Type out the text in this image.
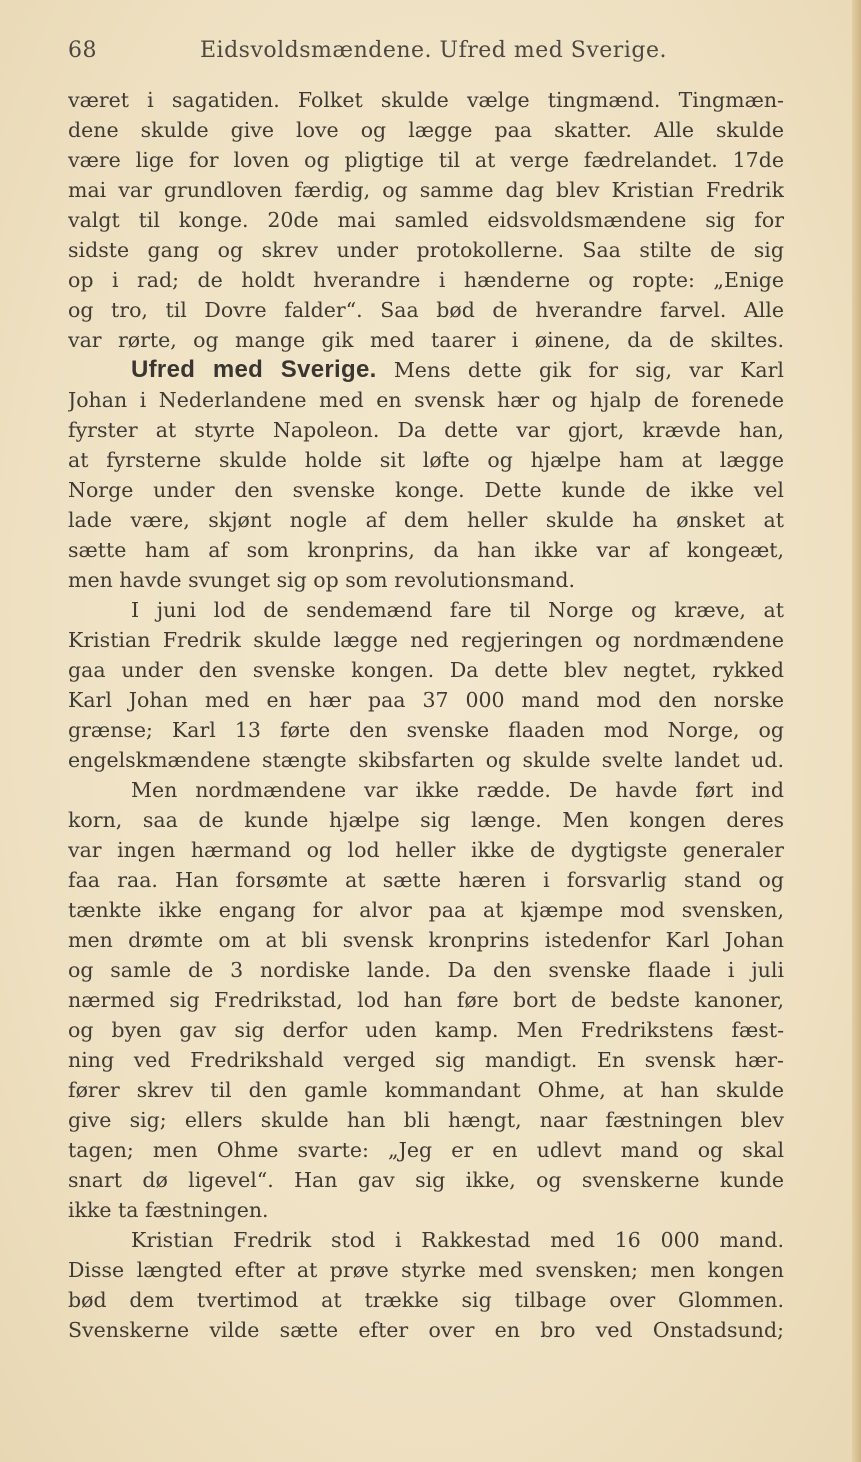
68	Eidsvoldsmændene. Ufred med Sverige.
været i sagatiden. Folket skulde vælge tingmænd. Tingmæn-
dene skulde give love og lægge paa skatter. Alle skulde
være lige for loven og pligtige til at verge fædrelandet. 17de
mai var grundloven færdig, og samme dag blev Kristian Fredrik
valgt til konge. 20de mai samled eidsvoldsmændene sig for
sidste gang og skrev under protokollerne. Saa stilte de sig
op i rad; de holdt hverandre i hænderne og ropte: „Enige
og tro, til Dovre falder“. Saa bød de hverandre farvel. Alle
var rørte, og mange gik med taarer i øinene, da de skiltes.
Ufred med Sverige. Mens dette gik for sig, var Karl
Johan i Nederlandene med en svensk hær og hjalp de forenede
fyrster at styrte Napoleon. Da dette var gjort, krævde han,
at fyrsterne skulde holde sit løfte og hjælpe ham at lægge
Norge under den svenske konge. Dette kunde de ikke vel
lade være, skjønt nogle af dem heller skulde ha ønsket at
sætte ham af som kronprins, da han ikke var af kongeæt,
men havde svunget sig op som revolutionsmand.
I juni lod de sendemænd fare til Norge og kræve, at
Kristian Fredrik skulde lægge ned regjeringen og nordmændene
gaa under den svenske kongen. Da dette blev negtet, rykked
Karl Johan med en hær paa 37 000 mand mod den norske
grænse; Karl 13 førte den svenske flaaden mod Norge, og
engelskmændene stængte skibsfarten og skulde svelte landet ud.
Men nordmændene var ikke rædde. De havde ført ind
korn, saa de kunde hjælpe sig længe. Men kongen deres
var ingen hærmand og lod heller ikke de dygtigste generaler
faa raa. Han forsømte at sætte hæren i forsvarlig stand og
tænkte ikke engang for alvor paa at kjæmpe mod svensken,
men drømte om at bli svensk kronprins istedenfor Karl Johan
og samle de 3 nordiske lande. Da den svenske flaade i juli
nærmed sig Fredrikstad, lod han føre bort de bedste kanoner,
og byen gav sig derfor uden kamp. Men Fredrikstens fæst-
ning ved Fredrikshald verged sig mandigt. En svensk hær-
fører skrev til den gamle kommandant Ohme, at han skulde
give sig; ellers skulde han bli hængt, naar fæstningen blev
tagen; men Ohme svarte: „Jeg er en udlevt mand og skal
snart dø ligevel“. Han gav sig ikke, og svenskerne kunde
ikke ta fæstningen.
Kristian Fredrik stod i Rakkestad med 16 000 mand.
Disse længted efter at prøve styrke med svensken; men kongen
bød dem tvertimod at trække sig tilbage over Glommen.
Svenskerne vilde sætte efter over en bro ved Onstadsund;
